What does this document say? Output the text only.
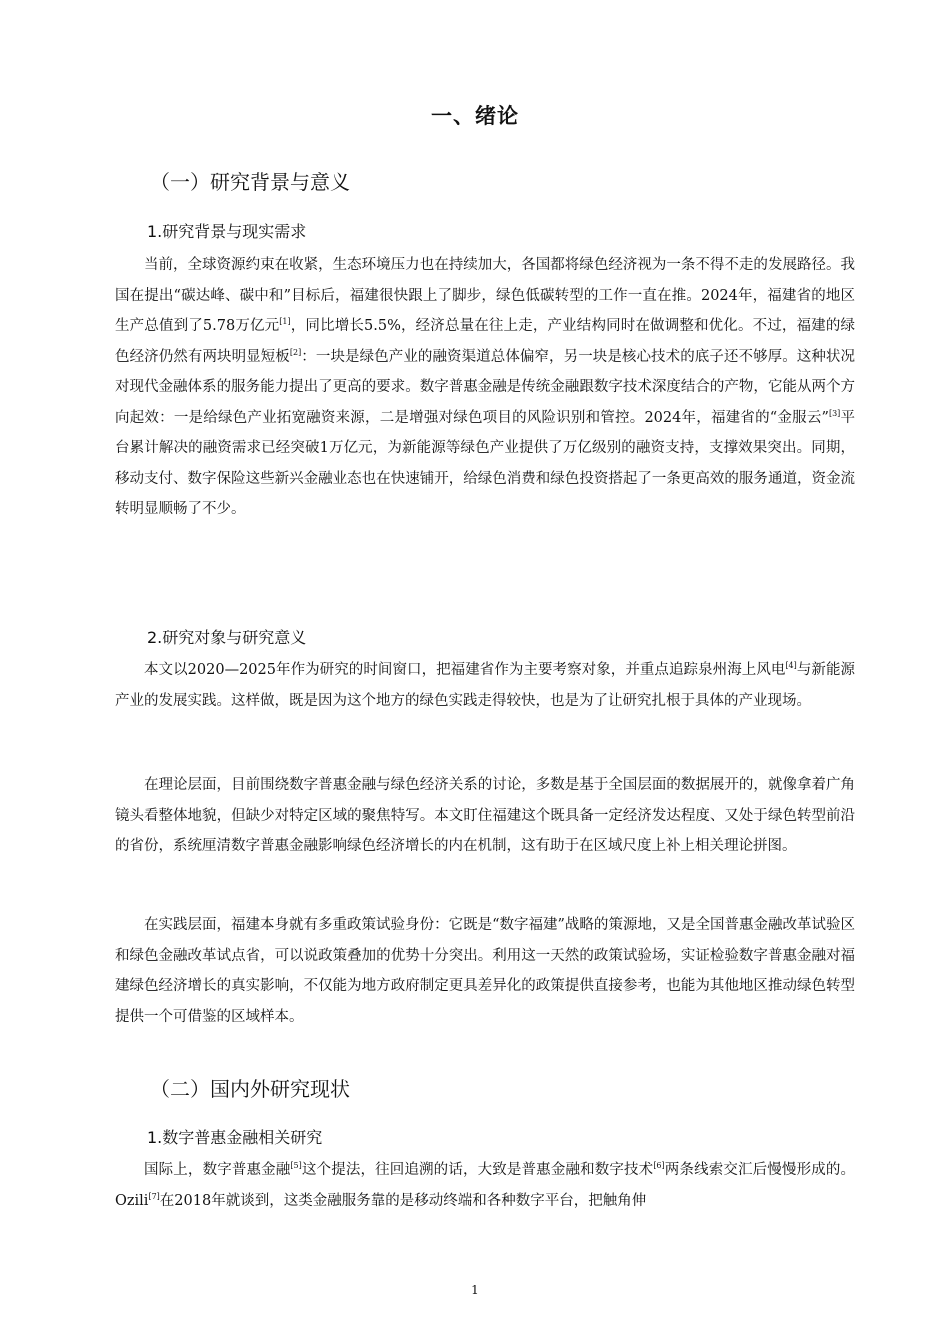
一、绪论
（一）研究背景与意义
1.研究背景与现实需求

当前，全球资源约束在收紧，生态环境压力也在持续加大，各国都将绿色经济视为一条不得不走的发展路径。我国在提出“碳达峰、碳中和”目标后，福建很快跟上了脚步，绿色低碳转型的工作一直在推。2024年，福建省的地区生产总值到了5.78万亿元[1]，同比增长5.5%，经济总量在往上走，产业结构同时在做调整和优化。不过，福建的绿色经济仍然有两块明显短板[2]：一块是绿色产业的融资渠道总体偏窄，另一块是核心技术的底子还不够厚。这种状况对现代金融体系的服务能力提出了更高的要求。数字普惠金融是传统金融跟数字技术深度结合的产物，它能从两个方向起效：一是给绿色产业拓宽融资来源，二是增强对绿色项目的风险识别和管控。2024年，福建省的“金服云”[3]平台累计解决的融资需求已经突破1万亿元，为新能源等绿色产业提供了万亿级别的融资支持，支撑效果突出。同期，移动支付、数字保险这些新兴金融业态也在快速铺开，给绿色消费和绿色投资搭起了一条更高效的服务通道，资金流转明显顺畅了不少。

2.研究对象与研究意义

本文以2020—2025年作为研究的时间窗口，把福建省作为主要考察对象，并重点追踪泉州海上风电[4]与新能源产业的发展实践。这样做，既是因为这个地方的绿色实践走得较快，也是为了让研究扎根于具体的产业现场。

在理论层面，目前围绕数字普惠金融与绿色经济关系的讨论，多数是基于全国层面的数据展开的，就像拿着广角镜头看整体地貌，但缺少对特定区域的聚焦特写。本文盯住福建这个既具备一定经济发达程度、又处于绿色转型前沿的省份，系统厘清数字普惠金融影响绿色经济增长的内在机制，这有助于在区域尺度上补上相关理论拼图。

在实践层面，福建本身就有多重政策试验身份：它既是“数字福建”战略的策源地，又是全国普惠金融改革试验区和绿色金融改革试点省，可以说政策叠加的优势十分突出。利用这一天然的政策试验场，实证检验数字普惠金融对福建绿色经济增长的真实影响，不仅能为地方政府制定更具差异化的政策提供直接参考，也能为其他地区推动绿色转型提供一个可借鉴的区域样本。

（二）国内外研究现状
1.数字普惠金融相关研究

国际上，数字普惠金融[5]这个提法，往回追溯的话，大致是普惠金融和数字技术[6]两条线索交汇后慢慢形成的。Ozili[7]在2018年就谈到，这类金融服务靠的是移动终端和各种数字平台，把触角伸

1
